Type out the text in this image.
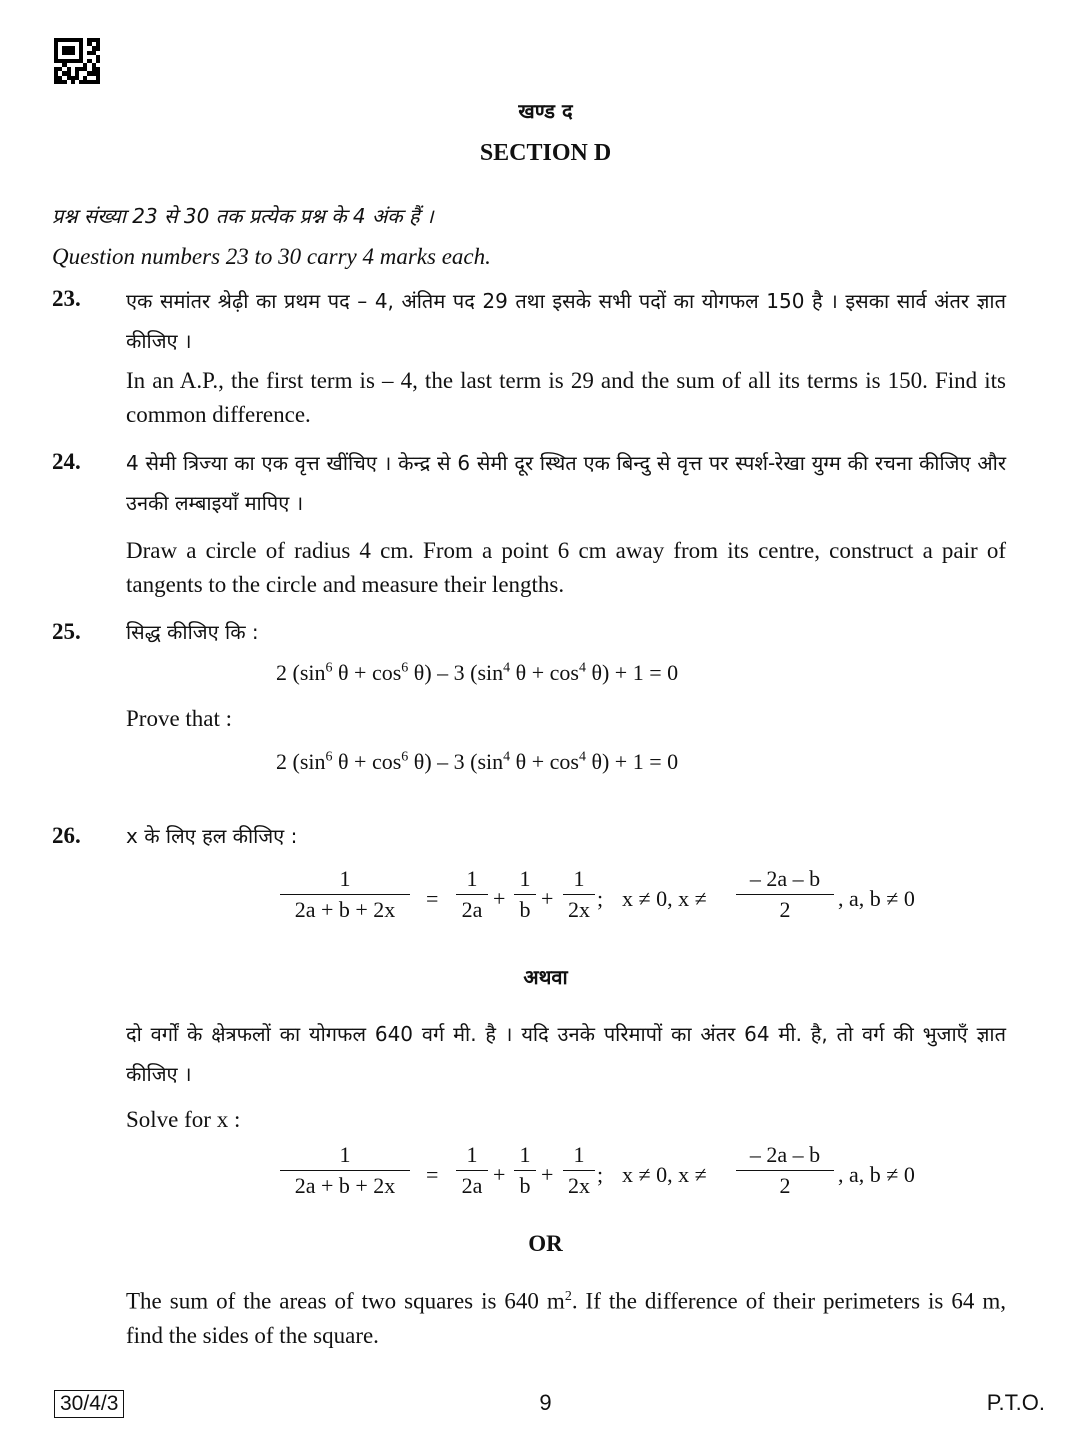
खण्ड द
SECTION D
प्रश्न संख्या 23 से 30 तक प्रत्येक प्रश्न के 4 अंक हैं ।
Question numbers 23 to 30 carry 4 marks each.
23. एक समांतर श्रेढ़ी का प्रथम पद – 4, अंतिम पद 29 तथा इसके सभी पदों का योगफल 150 है । इसका सार्व अंतर ज्ञात कीजिए ।
In an A.P., the first term is – 4, the last term is 29 and the sum of all its terms is 150. Find its common difference.
24. 4 सेमी त्रिज्या का एक वृत्त खींचिए । केन्द्र से 6 सेमी दूर स्थित एक बिन्दु से वृत्त पर स्पर्श-रेखा युग्म की रचना कीजिए और उनकी लम्बाइयाँ मापिए ।
Draw a circle of radius 4 cm. From a point 6 cm away from its centre, construct a pair of tangents to the circle and measure their lengths.
25. सिद्ध कीजिए कि :
2 ($\sin^6$ $\theta + \cos^6 \theta) - 3$ ($\sin^4$ $\theta + \cos^4 \theta) + 1 = 0$
Prove that :
2 ($\sin^6$ $\theta + \cos^6 \theta) - 3$ ($\sin^4$ $\theta + \cos^4 \theta) + 1 = 0$
26. x के लिए हल कीजिए :
$\frac{1}{2a + b + 2x} = \frac{1}{2a} + \frac{1}{b} + \frac{1}{2x}$ ; x ≠ 0, $x \ne \frac{- 2a - b}{2}$ , a, b ≠ 0
अथवा
दो वर्गों के क्षेत्रफलों का योगफल 640 वर्ग मी. है । यदि उनके परिमापों का अंतर 64 मी. है, तो वर्ग की भुजाएँ ज्ञात कीजिए ।
Solve for x :
$\frac{1}{2a + b + 2x} = \frac{1}{2a} + \frac{1}{b} + \frac{1}{2x}$ ; x ≠ 0, $x \ne \frac{- 2a - b}{2}$ , a, b ≠ 0
OR
The sum of the areas of two squares is 640 $m^2$. If the difference of their perimeters is 64 m, find the sides of the square.
30/4/3	9	P.T.O.
